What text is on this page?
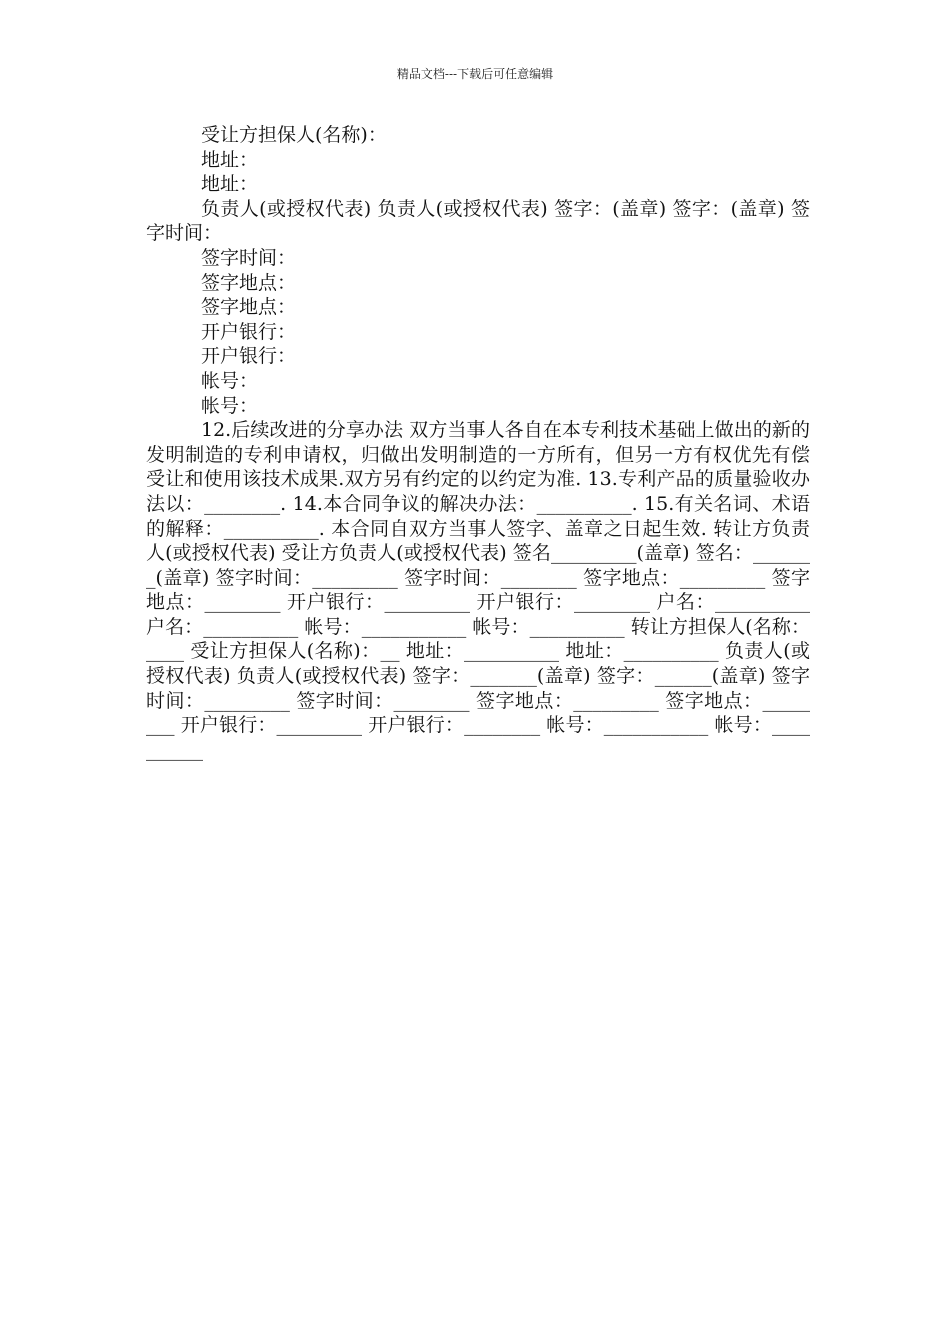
精品文档---下载后可任意编辑
受让方担保人(名称)：
地址：
地址：
负责人(或授权代表) 负责人(或授权代表) 签字：(盖章) 签字：(盖章) 签字时间：
签字时间：
签字地点：
签字地点：
开户银行：
开户银行：
帐号：
帐号：
12.后续改进的分享办法 双方当事人各自在本专利技术基础上做出的新的发明制造的专利申请权，归做出发明制造的一方所有，但另一方有权优先有偿受让和使用该技术成果.双方另有约定的以约定为准. 13.专利产品的质量验收办法以：________. 14.本合同争议的解决办法：__________. 15.有关名词、术语的解释：__________. 本合同自双方当事人签字、盖章之日起生效. 转让方负责人(或授权代表) 受让方负责人(或授权代表) 签名_________(盖章) 签名：_______(盖章) 签字时间：_________ 签字时间：________ 签字地点：_________ 签字地点：________ 开户银行：_________ 开户银行：________ 户名：__________ 户名：__________ 帐号：___________ 帐号：__________ 转让方担保人(名称：____ 受让方担保人(名称)：__ 地址：__________ 地址：__________ 负责人(或授权代表) 负责人(或授权代表) 签字：_______(盖章) 签字：______(盖章) 签字时间：_________ 签字时间：________ 签字地点：_________ 签字地点：________ 开户银行：_________ 开户银行：________ 帐号：___________ 帐号：__________
